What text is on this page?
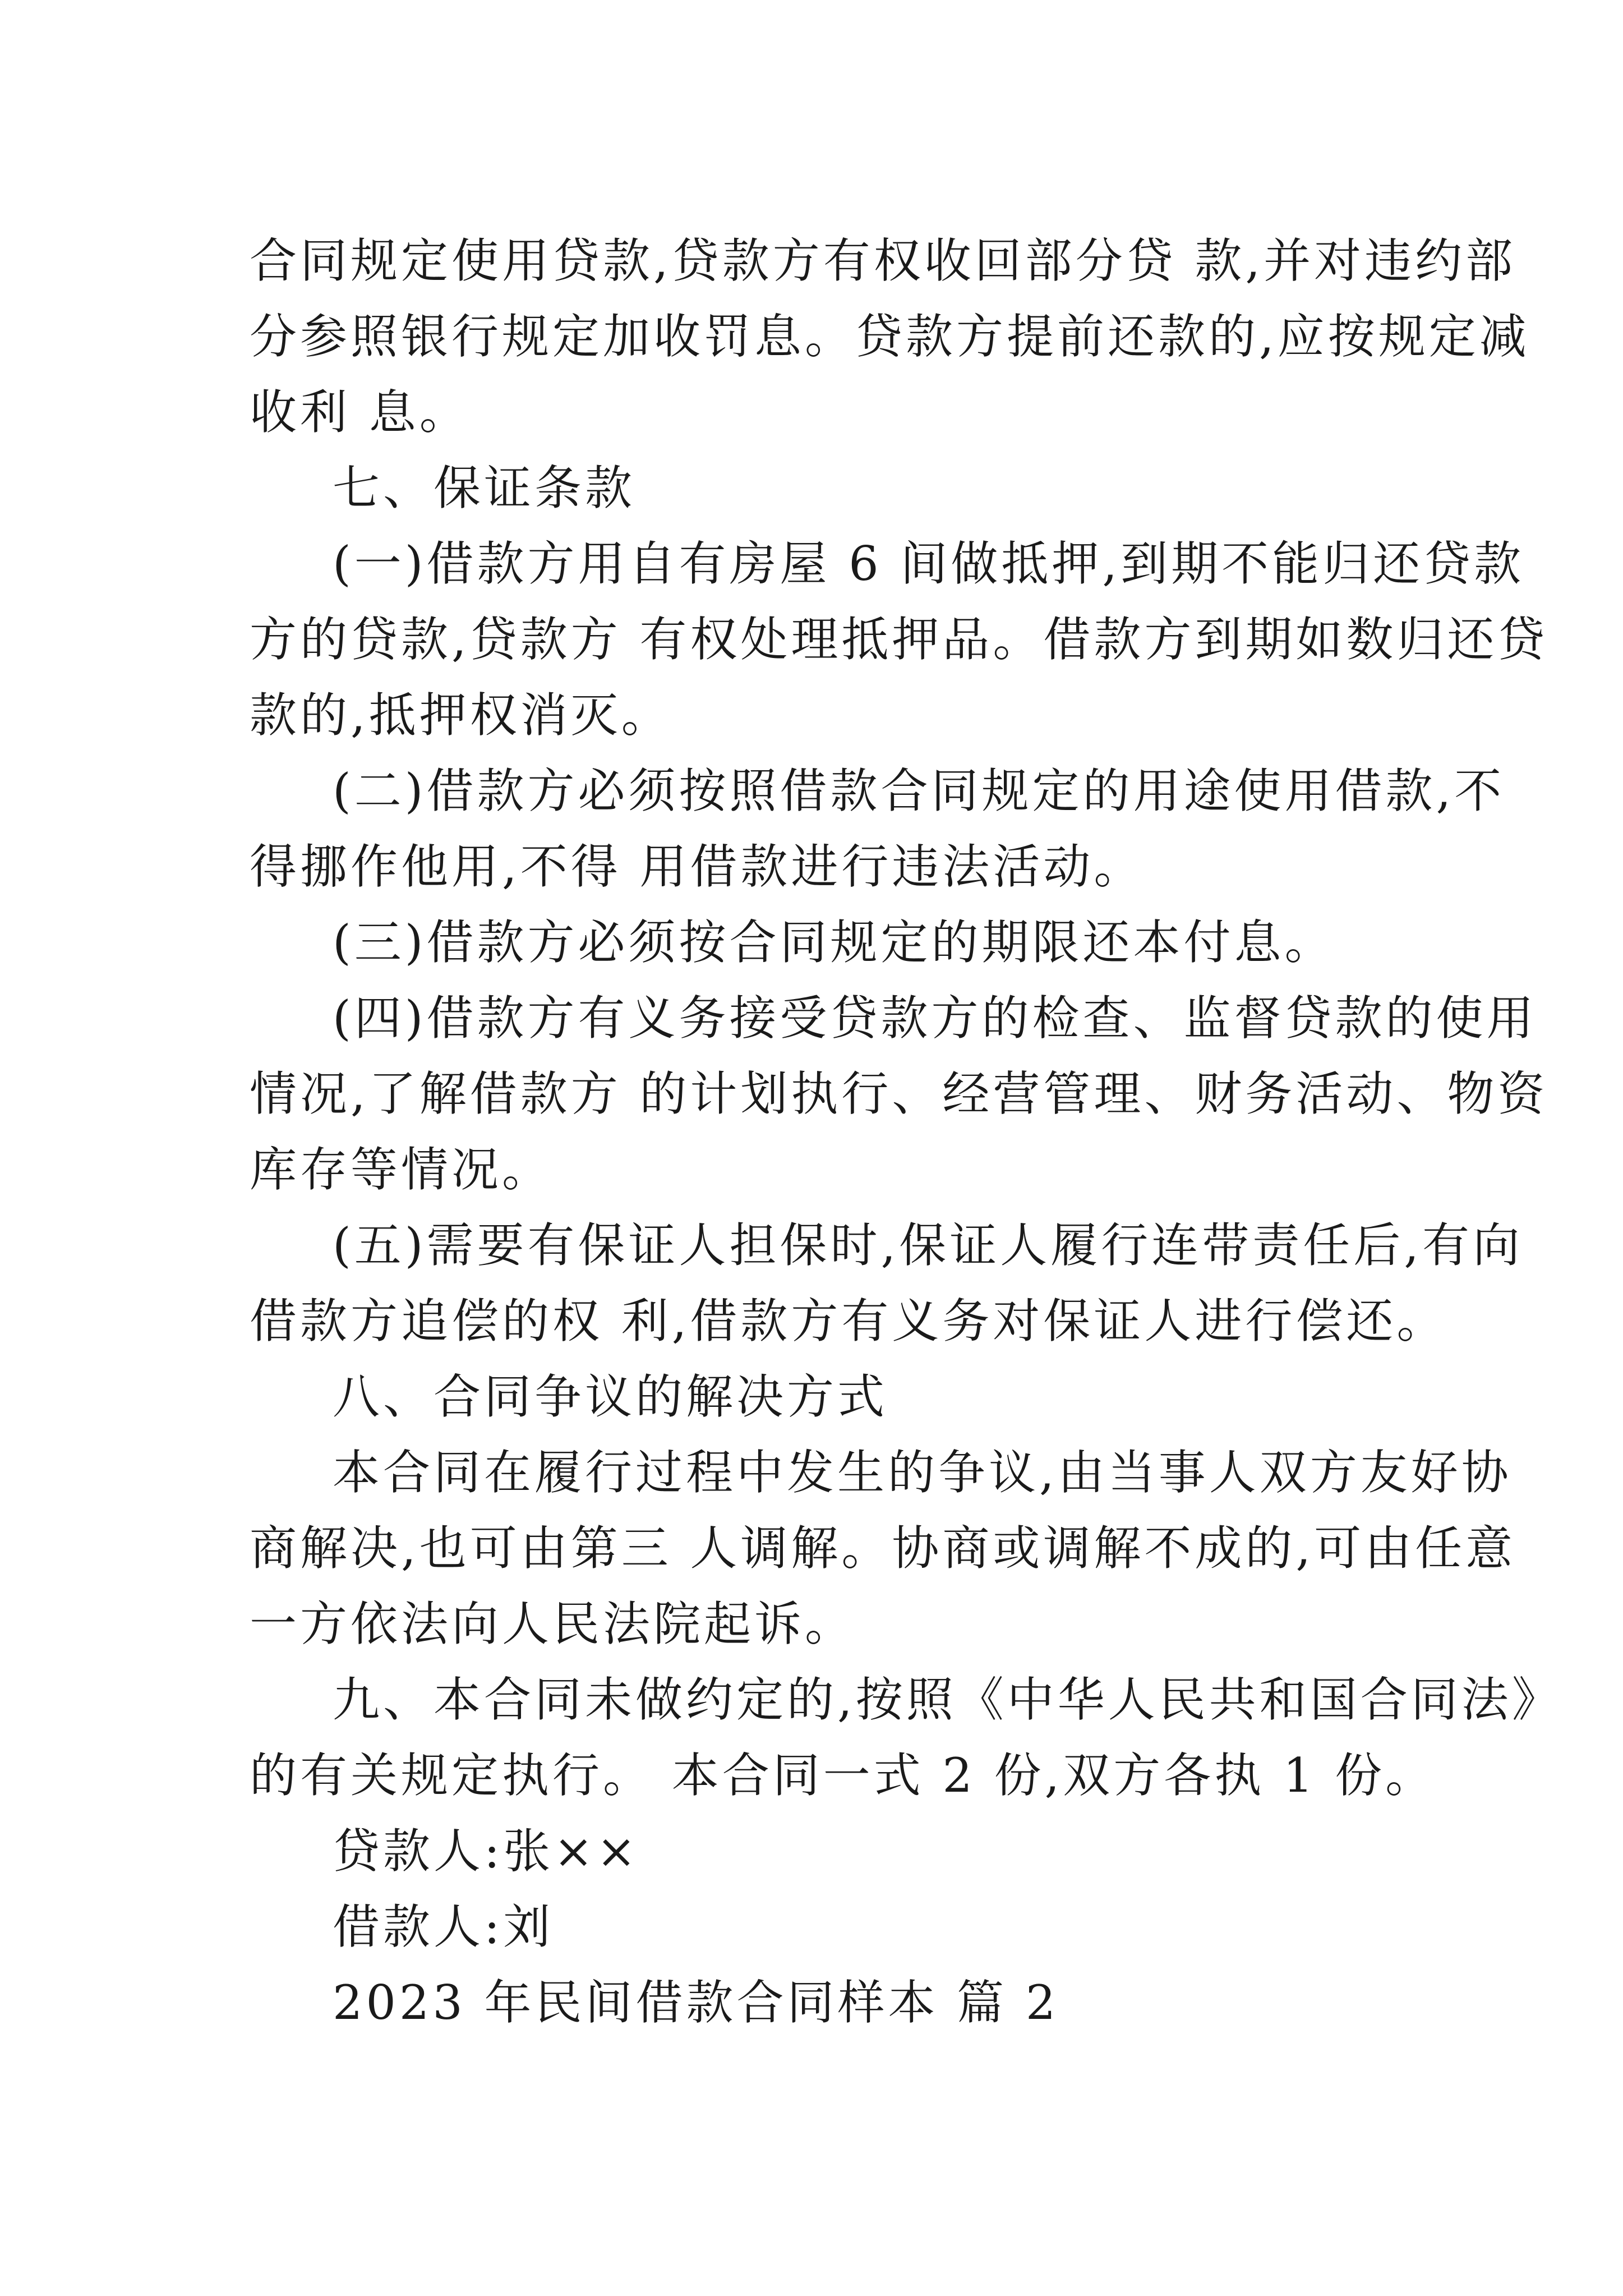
合同规定使用贷款,贷款方有权收回部分贷 款,并对违约部
分参照银行规定加收罚息。贷款方提前还款的,应按规定减
收利 息。
七、保证条款
(一)借款方用自有房屋 6 间做抵押,到期不能归还贷款
方的贷款,贷款方 有权处理抵押品。借款方到期如数归还贷
款的,抵押权消灭。
(二)借款方必须按照借款合同规定的用途使用借款,不
得挪作他用,不得 用借款进行违法活动。
(三)借款方必须按合同规定的期限还本付息。
(四)借款方有义务接受贷款方的检查、监督贷款的使用
情况,了解借款方 的计划执行、经营管理、财务活动、物资
库存等情况。
(五)需要有保证人担保时,保证人履行连带责任后,有向
借款方追偿的权 利,借款方有义务对保证人进行偿还。
八、合同争议的解决方式
本合同在履行过程中发生的争议,由当事人双方友好协
商解决,也可由第三 人调解。协商或调解不成的,可由任意
一方依法向人民法院起诉。
九、本合同未做约定的,按照《中华人民共和国合同法》
的有关规定执行。 本合同一式 2 份,双方各执 1 份。
贷款人:张××
借款人:刘
2023 年民间借款合同样本 篇 2
